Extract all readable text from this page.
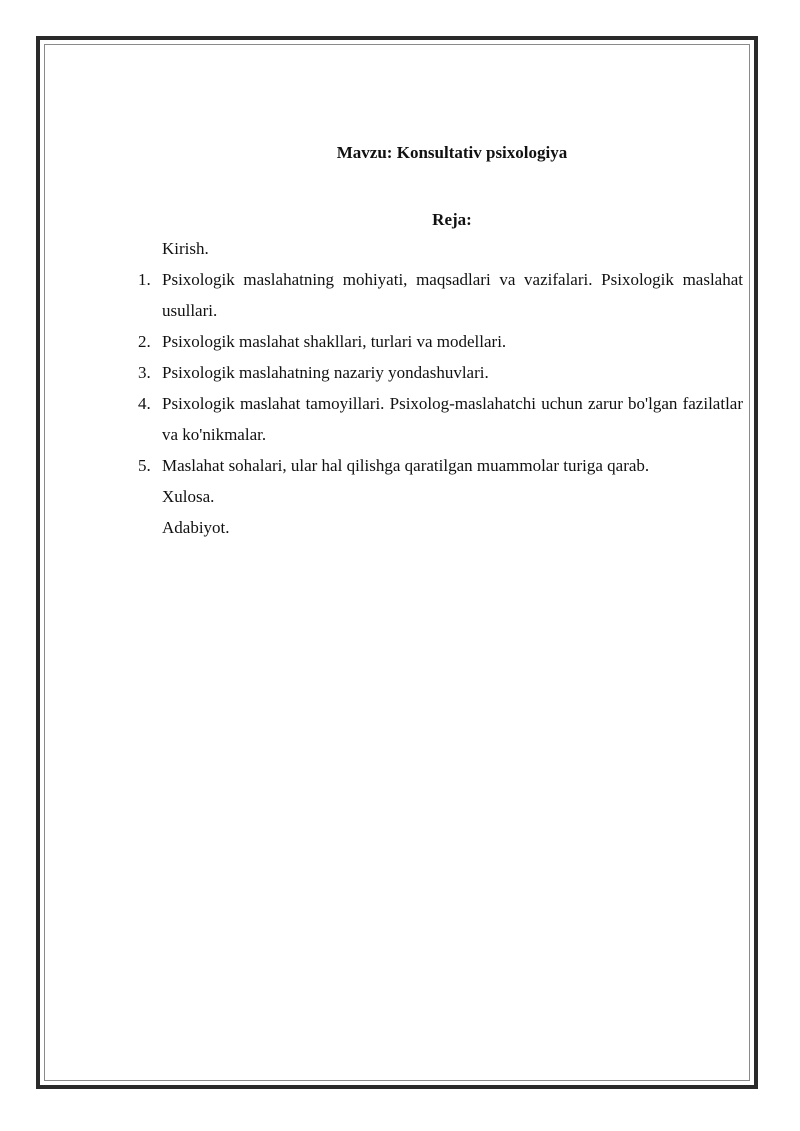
Mavzu: Konsultativ psixologiya
Reja:
Kirish.
1. Psixologik maslahatning mohiyati, maqsadlari va vazifalari. Psixologik maslahat usullari.
2. Psixologik maslahat shakllari, turlari va modellari.
3. Psixologik maslahatning nazariy yondashuvlari.
4. Psixologik maslahat tamoyillari. Psixolog-maslahatchi uchun zarur bo'lgan fazilatlar va ko'nikmalar.
5. Maslahat sohalari, ular hal qilishga qaratilgan muammolar turiga qarab.
Xulosa.
Adabiyot.
